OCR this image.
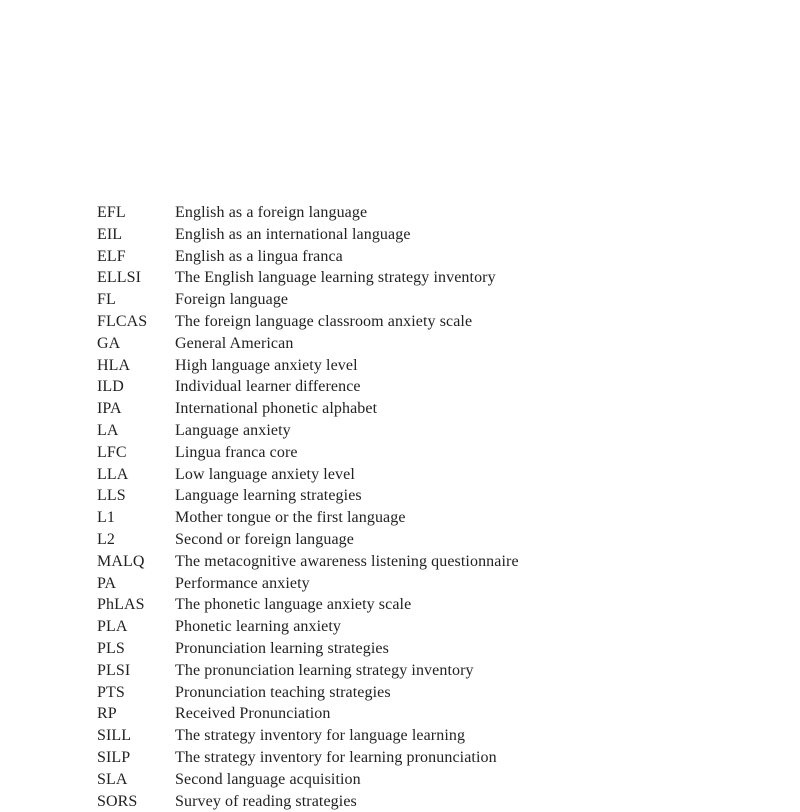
EFL	English as a foreign language
EIL	English as an international language
ELF	English as a lingua franca
ELLSI	The English language learning strategy inventory
FL	Foreign language
FLCAS	The foreign language classroom anxiety scale
GA	General American
HLA	High language anxiety level
ILD	Individual learner difference
IPA	International phonetic alphabet
LA	Language anxiety
LFC	Lingua franca core
LLA	Low language anxiety level
LLS	Language learning strategies
L1	Mother tongue or the first language
L2	Second or foreign language
MALQ	The metacognitive awareness listening questionnaire
PA	Performance anxiety
PhLAS	The phonetic language anxiety scale
PLA	Phonetic learning anxiety
PLS	Pronunciation learning strategies
PLSI	The pronunciation learning strategy inventory
PTS	Pronunciation teaching strategies
RP	Received Pronunciation
SILL	The strategy inventory for language learning
SILP	The strategy inventory for learning pronunciation
SLA	Second language acquisition
SORS	Survey of reading strategies
